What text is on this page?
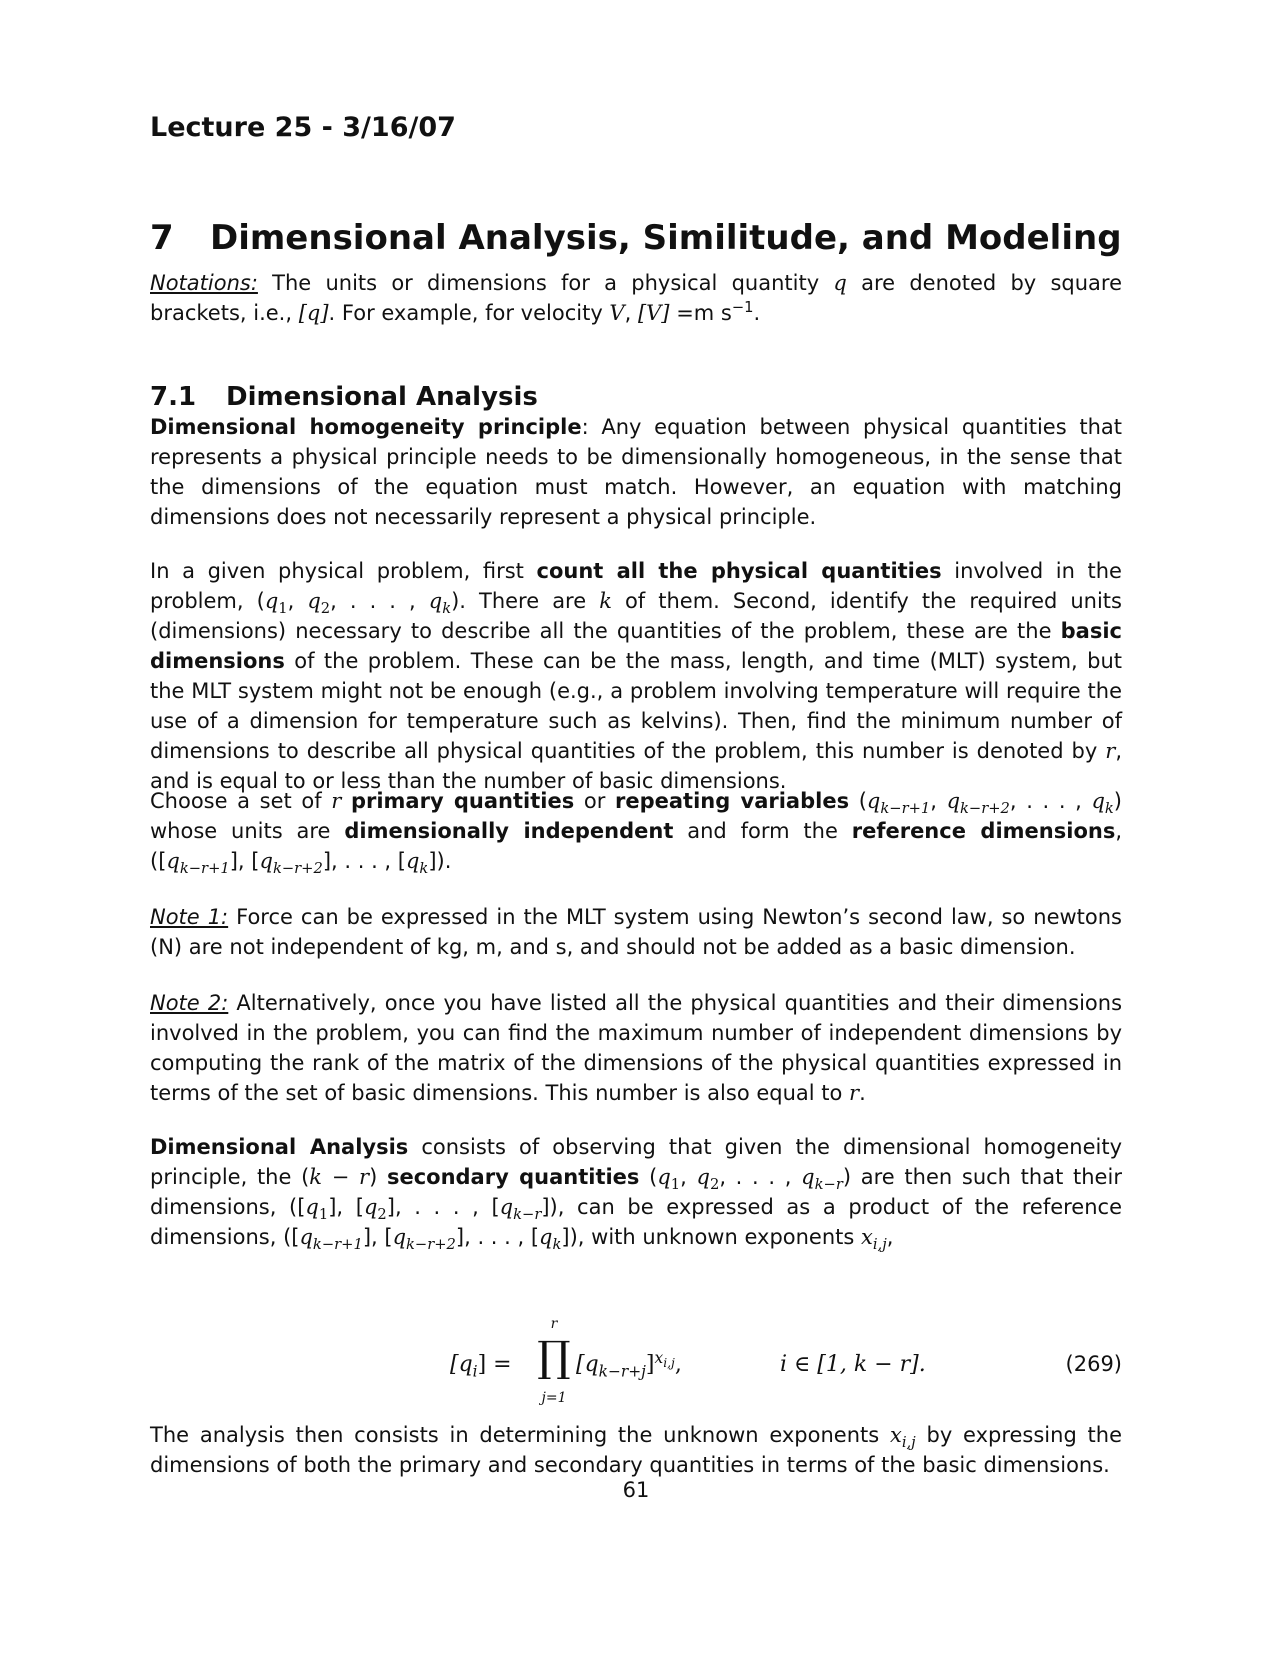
Lecture 25 - 3/16/07
7 Dimensional Analysis, Similitude, and Modeling
Notations: The units or dimensions for a physical quantity q are denoted by square brackets, i.e., [q]. For example, for velocity V, [V] =m $s^{-1}$.
7.1 Dimensional Analysis
Dimensional homogeneity principle: Any equation between physical quantities that represents a physical principle needs to be dimensionally homogeneous, in the sense that the dimensions of the equation must match. However, an equation with matching dimensions does not necessarily represent a physical principle.
In a given physical problem, first count all the physical quantities involved in the problem, ($q_1$, $q_2$, . . . , $q_k$). There are k of them. Second, identify the required units (dimensions) necessary to describe all the quantities of the problem, these are the basic dimensions of the problem. These can be the mass, length, and time (MLT) system, but the MLT system might not be enough (e.g., a problem involving temperature will require the use of a dimension for temperature such as kelvins). Then, find the minimum number of dimensions to describe all physical quantities of the problem, this number is denoted by r, and is equal to or less than the number of basic dimensions.
Choose a set of r primary quantities or repeating variables ($q_{k-r+1}$, $q_{k-r+2}$, . . . , $q_k$) whose units are dimensionally independent and form the reference dimensions, ($[q_{k-r+1}]$, $[q_{k-r+2}]$, . . . , $[q_k]$).
Note 1: Force can be expressed in the MLT system using Newton’s second law, so newtons (N) are not independent of kg, m, and s, and should not be added as a basic dimension.
Note 2: Alternatively, once you have listed all the physical quantities and their dimensions involved in the problem, you can find the maximum number of independent dimensions by computing the rank of the matrix of the dimensions of the physical quantities expressed in terms of the set of basic dimensions. This number is also equal to r.
Dimensional Analysis consists of observing that given the dimensional homogeneity principle, the (k − r) secondary quantities ($q_1$, $q_2$, . . . , $q_{k-r}$) are then such that their dimensions, ($[q_1]$, $[q_2]$, . . . , $[q_{k-r}]$), can be expressed as a product of the reference dimensions, ($[q_{k-r+1}]$, $[q_{k-r+2}]$, . . . , $[q_k]$), with unknown exponents $x_{i,j}$,
$[q_i]$ =
r
∏
j=1
$[q_{k-r+j}]^{x_{i,j}}$,	i ∈ [1, k − r].	(269)
The analysis then consists in determining the unknown exponents $x_{i,j}$ by expressing the dimensions of both the primary and secondary quantities in terms of the basic dimensions.
61
